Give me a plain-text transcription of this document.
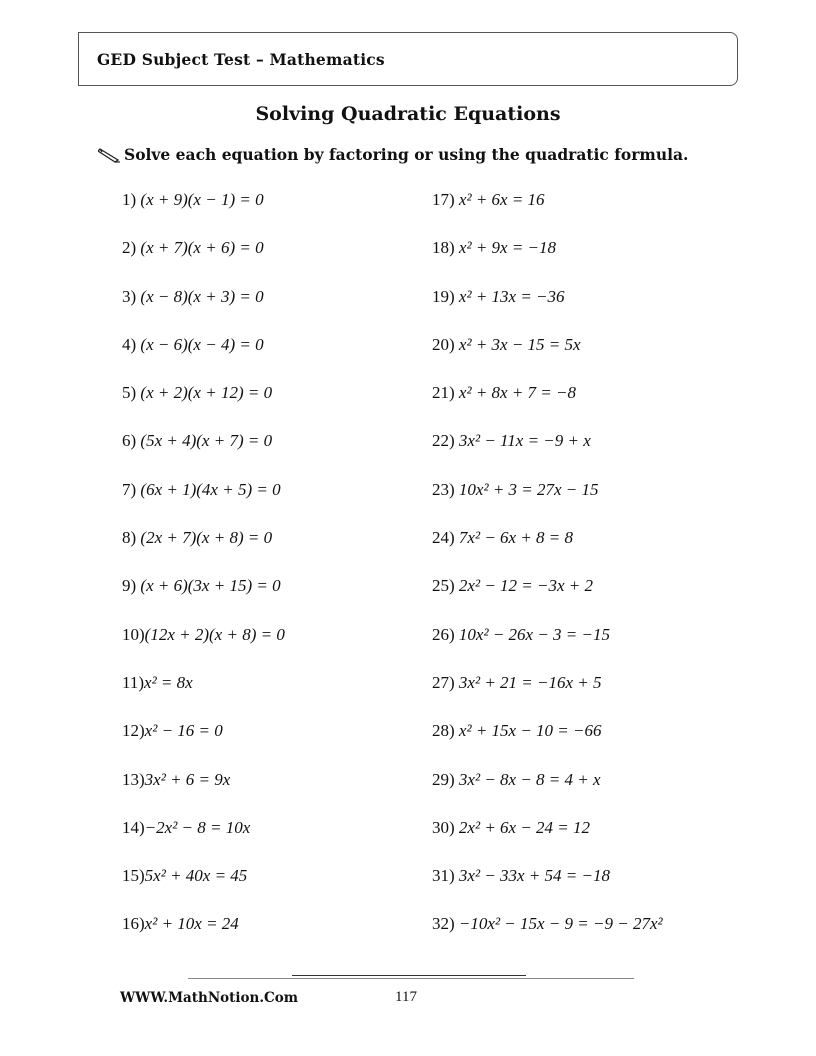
GED Subject Test – Mathematics
Solving Quadratic Equations
Solve each equation by factoring or using the quadratic formula.
1) (x + 9)(x − 1) = 0
2) (x + 7)(x + 6) = 0
3) (x − 8)(x + 3) = 0
4) (x − 6)(x − 4) = 0
5) (x + 2)(x + 12) = 0
6) (5x + 4)(x + 7) = 0
7) (6x + 1)(4x + 5) = 0
8) (2x + 7)(x + 8) = 0
9) (x + 6)(3x + 15) = 0
10)(12x + 2)(x + 8) = 0
11)x² = 8x
12)x² − 16 = 0
13)3x² + 6 = 9x
14)−2x² − 8 = 10x
15)5x² + 40x = 45
16)x² + 10x = 24
17) x² + 6x = 16
18) x² + 9x = −18
19) x² + 13x = −36
20) x² + 3x − 15 = 5x
21) x² + 8x + 7 = −8
22) 3x² − 11x = −9 + x
23) 10x² + 3 = 27x − 15
24) 7x² − 6x + 8 = 8
25) 2x² − 12 = −3x + 2
26) 10x² − 26x − 3 = −15
27) 3x² + 21 = −16x + 5
28) x² + 15x − 10 = −66
29) 3x² − 8x − 8 = 4 + x
30) 2x² + 6x − 24 = 12
31) 3x² − 33x + 54 = −18
32) −10x² − 15x − 9 = −9 − 27x²
WWW.MathNotion.Com	117
